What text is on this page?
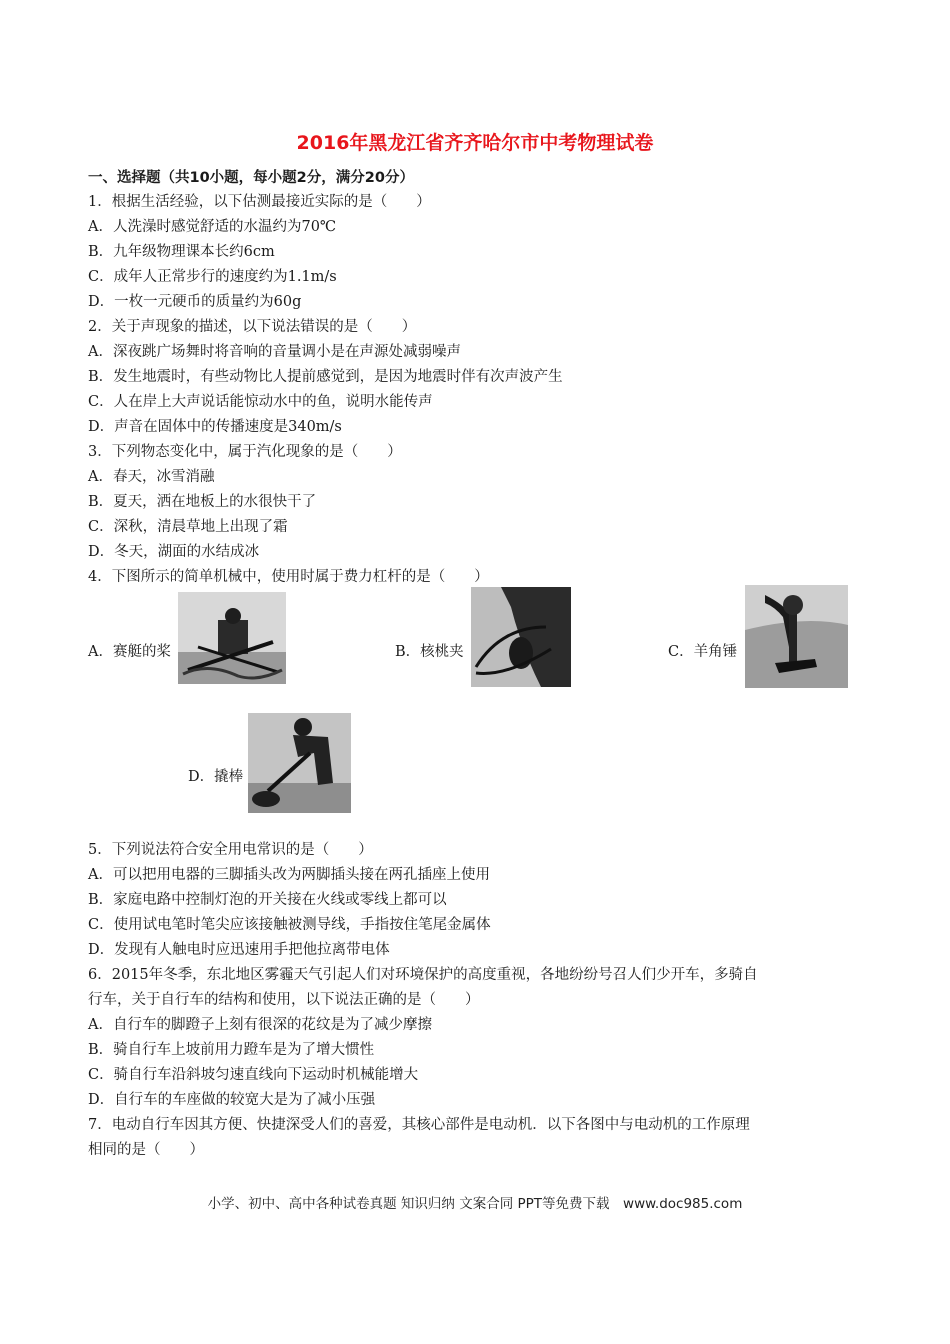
2016年黑龙江省齐齐哈尔市中考物理试卷
一、选择题（共10小题，每小题2分，满分20分）
1．根据生活经验，以下估测最接近实际的是（　　）
A．人洗澡时感觉舒适的水温约为70℃
B．九年级物理课本长约6cm
C．成年人正常步行的速度约为1.1m/s
D．一枚一元硬币的质量约为60g
2．关于声现象的描述，以下说法错误的是（　　）
A．深夜跳广场舞时将音响的音量调小是在声源处减弱噪声
B．发生地震时，有些动物比人提前感觉到，是因为地震时伴有次声波产生
C．人在岸上大声说话能惊动水中的鱼，说明水能传声
D．声音在固体中的传播速度是340m/s
3．下列物态变化中，属于汽化现象的是（　　）
A．春天，冰雪消融
B．夏天，洒在地板上的水很快干了
C．深秋，清晨草地上出现了霜
D．冬天，湖面的水结成冰
4．下图所示的简单机械中，使用时属于费力杠杆的是（　　）
A．赛艇的桨	B．核桃夹	C．羊角锤
D．撬棒
5．下列说法符合安全用电常识的是（　　）
A．可以把用电器的三脚插头改为两脚插头接在两孔插座上使用
B．家庭电路中控制灯泡的开关接在火线或零线上都可以
C．使用试电笔时笔尖应该接触被测导线，手指按住笔尾金属体
D．发现有人触电时应迅速用手把他拉离带电体
6．2015年冬季，东北地区雾霾天气引起人们对环境保护的高度重视，各地纷纷号召人们少开车，多骑自
行车，关于自行车的结构和使用，以下说法正确的是（　　）
A．自行车的脚蹬子上刻有很深的花纹是为了减少摩擦
B．骑自行车上坡前用力蹬车是为了增大惯性
C．骑自行车沿斜坡匀速直线向下运动时机械能增大
D．自行车的车座做的较宽大是为了减小压强
7．电动自行车因其方便、快捷深受人们的喜爱，其核心部件是电动机．以下各图中与电动机的工作原理
相同的是（　　）
小学、初中、高中各种试卷真题 知识归纳 文案合同 PPT等免费下载　www.doc985.com
